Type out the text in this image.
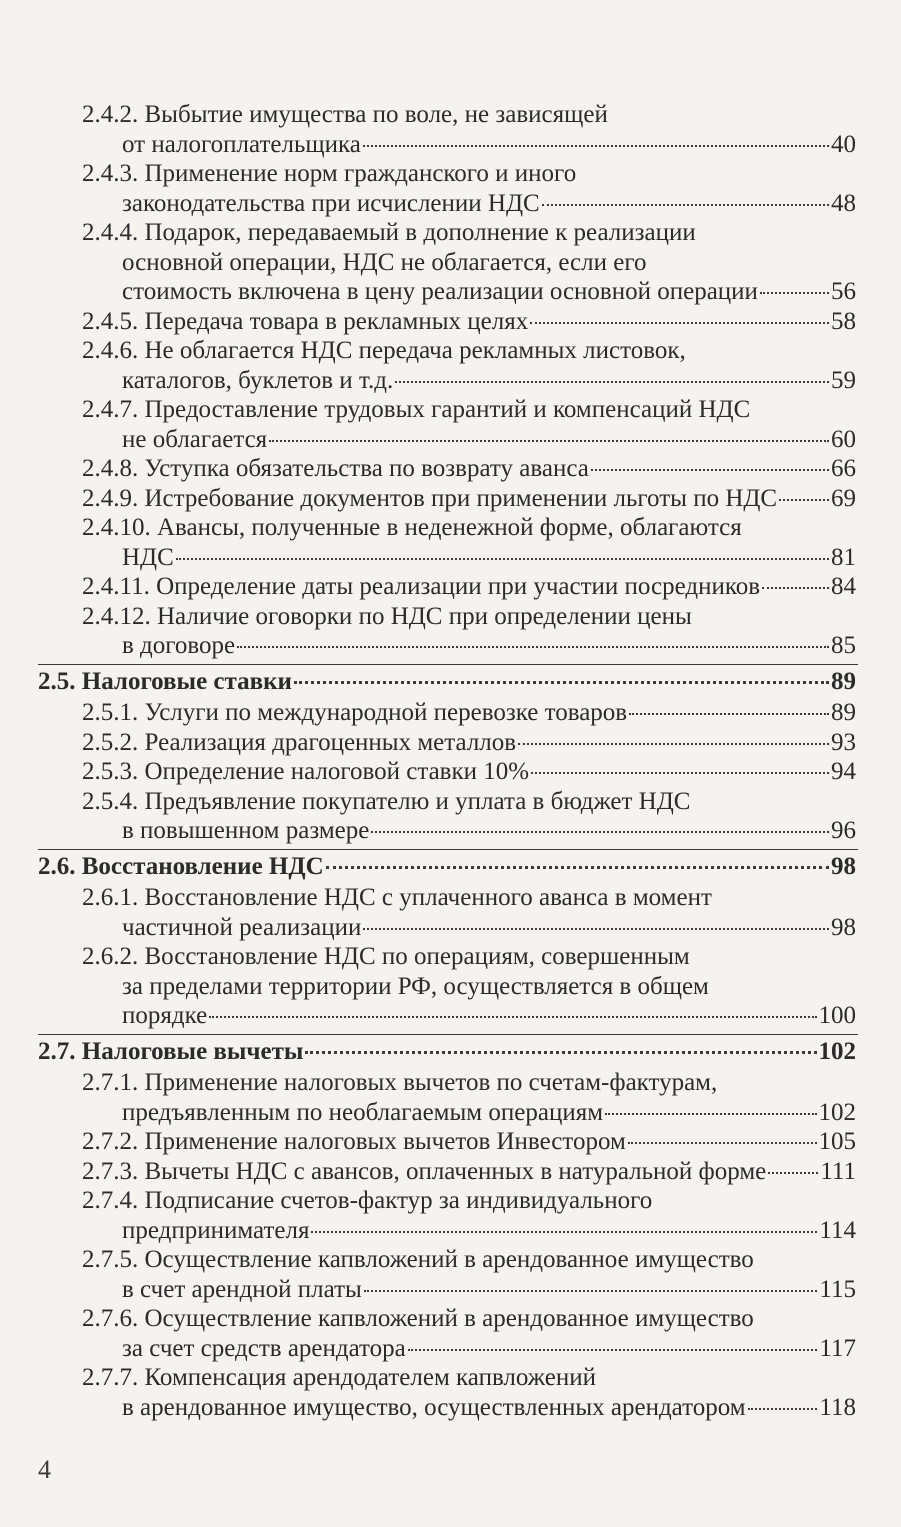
2.4.2. Выбытие имущества по воле, не зависящей
от налогоплательщика	40
2.4.3. Применение норм гражданского и иного
законодательства при исчислении НДС	48
2.4.4. Подарок, передаваемый в дополнение к реализации
основной операции, НДС не облагается, если его
стоимость включена в цену реализации основной операции	56
2.4.5. Передача товара в рекламных целях	58
2.4.6. Не облагается НДС передача рекламных листовок,
каталогов, буклетов и т.д.	59
2.4.7. Предоставление трудовых гарантий и компенсаций НДС
не облагается	60
2.4.8. Уступка обязательства по возврату аванса	66
2.4.9. Истребование документов при применении льготы по НДС 69
2.4.10. Авансы, полученные в неденежной форме, облагаются
НДС	81
2.4.11. Определение даты реализации при участии посредников	84
2.4.12. Наличие оговорки по НДС при определении цены
в договоре	85
2.5. Налоговые ставки	89
2.5.1. Услуги по международной перевозке товаров	89
2.5.2. Реализация драгоценных металлов	93
2.5.3. Определение налоговой ставки 10%	94
2.5.4. Предъявление покупателю и уплата в бюджет НДС
в повышенном размере	96
2.6. Восстановление НДС	98
2.6.1. Восстановление НДС с уплаченного аванса в момент
частичной реализации	98
2.6.2. Восстановление НДС по операциям, совершенным
за пределами территории РФ, осуществляется в общем
порядке	100
2.7. Налоговые вычеты	102
2.7.1. Применение налоговых вычетов по счетам-фактурам,
предъявленным по необлагаемым операциям	102
2.7.2. Применение налоговых вычетов Инвестором	105
2.7.3. Вычеты НДС с авансов, оплаченных в натуральной форме 111
2.7.4. Подписание счетов-фактур за индивидуального
предпринимателя	114
2.7.5. Осуществление капвложений в арендованное имущество
в счет арендной платы	115
2.7.6. Осуществление капвложений в арендованное имущество
за счет средств арендатора	117
2.7.7. Компенсация арендодателем капвложений
в арендованное имущество, осуществленных арендатором	118
4
